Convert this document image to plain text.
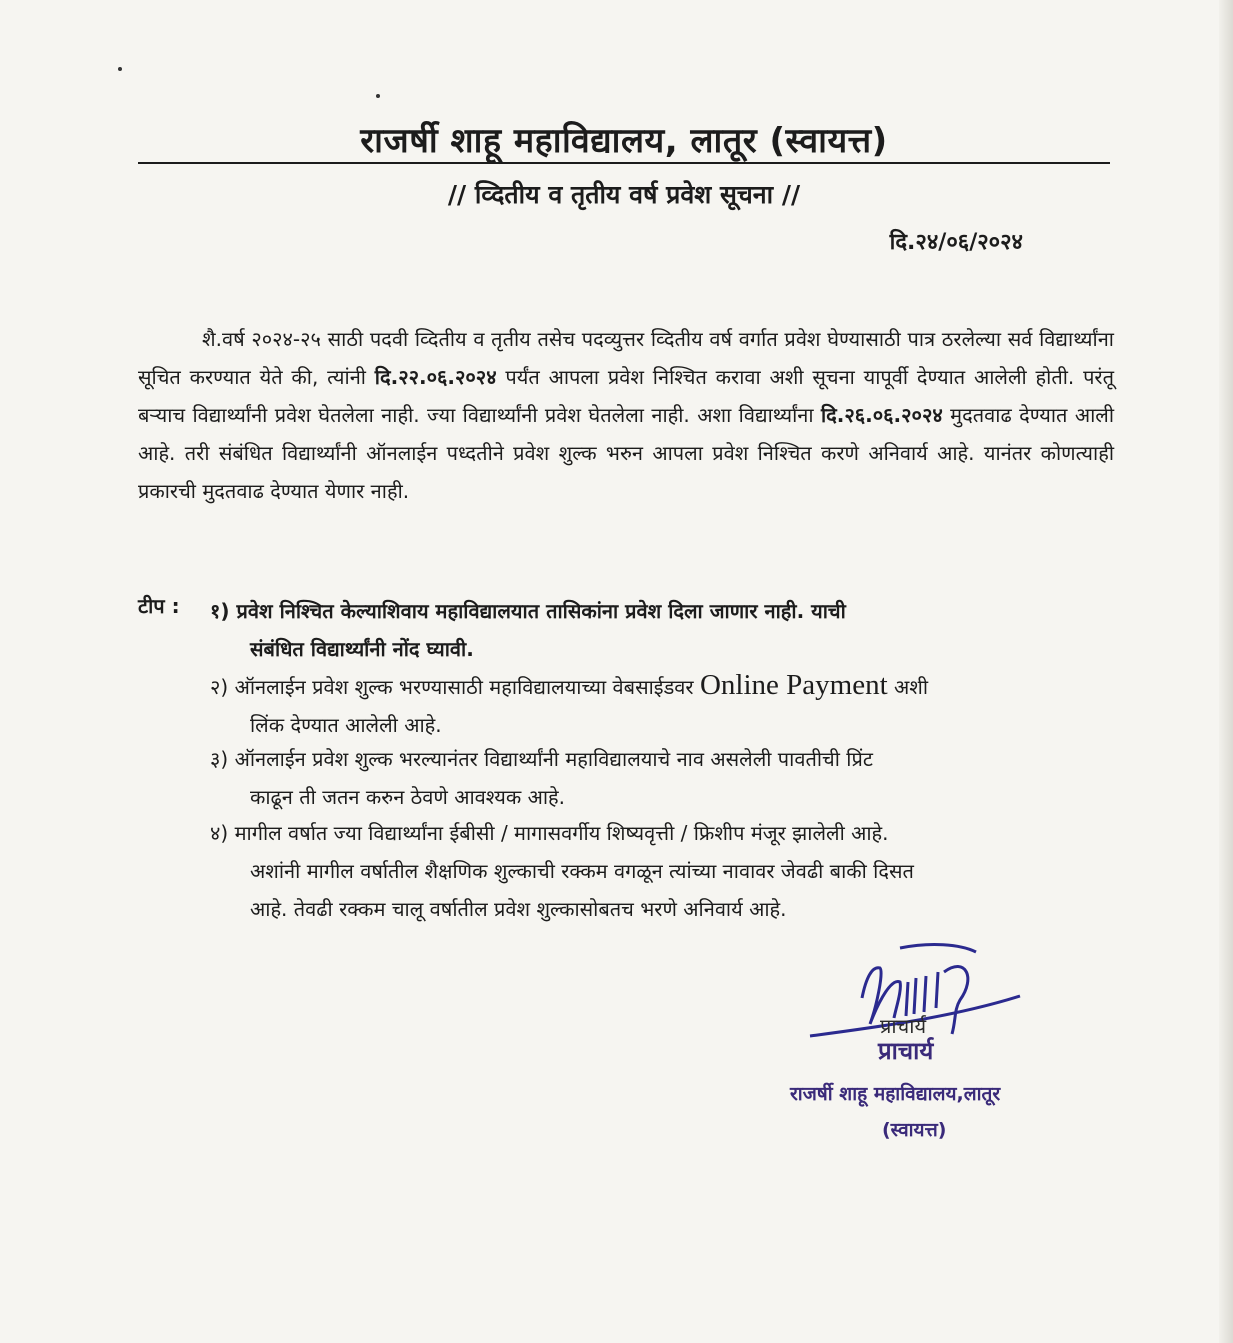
राजर्षी शाहू महाविद्यालय, लातूर (स्वायत्त)
// व्दितीय व तृतीय वर्ष प्रवेश सूचना //
दि.२४/०६/२०२४

शै.वर्ष २०२४-२५ साठी पदवी व्दितीय व तृतीय तसेच पदव्युत्तर व्दितीय वर्ष वर्गात प्रवेश घेण्यासाठी पात्र ठरलेल्या सर्व विद्यार्थ्यांना सूचित करण्यात येते की, त्यांनी दि.२२.०६.२०२४ पर्यंत आपला प्रवेश निश्चित करावा अशी सूचना यापूर्वी देण्यात आलेली होती. परंतू बऱ्याच विद्यार्थ्यांनी प्रवेश घेतलेला नाही. ज्या विद्यार्थ्यांनी प्रवेश घेतलेला नाही. अशा विद्यार्थ्यांना दि.२६.०६.२०२४ मुदतवाढ देण्यात आली आहे. तरी संबंधित विद्यार्थ्यांनी ऑनलाईन पध्दतीने प्रवेश शुल्क भरुन आपला प्रवेश निश्चित करणे अनिवार्य आहे. यानंतर कोणत्याही प्रकारची मुदतवाढ देण्यात येणार नाही.

टीप : १) प्रवेश निश्चित केल्याशिवाय महाविद्यालयात तासिकांना प्रवेश दिला जाणार नाही. याची
संबंधित विद्यार्थ्यांनी नोंद घ्यावी.
२) ऑनलाईन प्रवेश शुल्क भरण्यासाठी महाविद्यालयाच्या वेबसाईडवर Online Payment अशी
लिंक देण्यात आलेली आहे.
३) ऑनलाईन प्रवेश शुल्क भरल्यानंतर विद्यार्थ्यांनी महाविद्यालयाचे नाव असलेली पावतीची प्रिंट
काढून ती जतन करुन ठेवणे आवश्यक आहे.
४) मागील वर्षात ज्या विद्यार्थ्यांना ईबीसी / मागासवर्गीय शिष्यवृत्ती / फ्रिशीप मंजूर झालेली आहे.
अशांनी मागील वर्षातील शैक्षणिक शुल्काची रक्कम वगळून त्यांच्या नावावर जेवढी बाकी दिसत
आहे. तेवढी रक्कम चालू वर्षातील प्रवेश शुल्कासोबतच भरणे अनिवार्य आहे.
प्राचार्य
प्राचार्य
राजर्षी शाहू महाविद्यालय,लातूर
(स्वायत्त)
